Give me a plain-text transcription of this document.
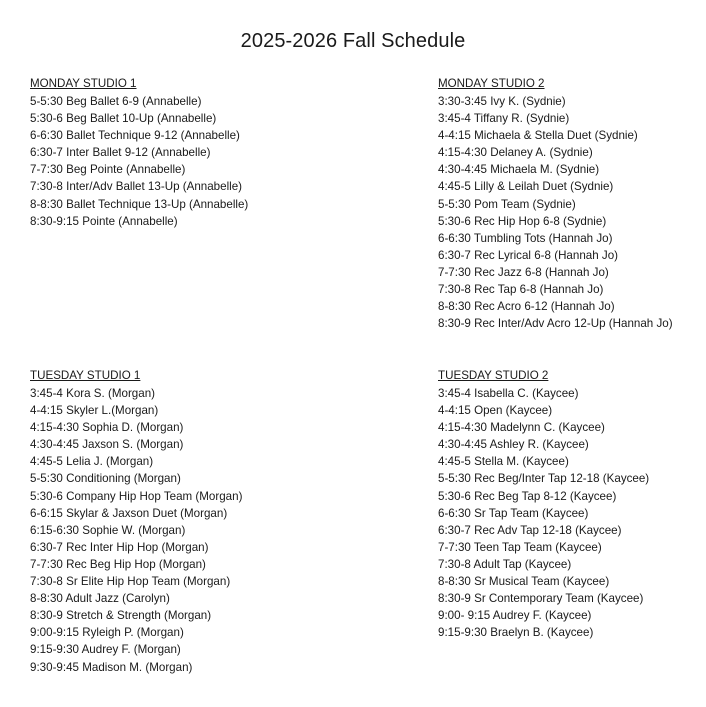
2025-2026 Fall Schedule
MONDAY STUDIO 1
5-5:30 Beg Ballet 6-9 (Annabelle)
5:30-6 Beg Ballet 10-Up (Annabelle)
6-6:30 Ballet Technique 9-12 (Annabelle)
6:30-7 Inter Ballet 9-12 (Annabelle)
7-7:30 Beg Pointe (Annabelle)
7:30-8 Inter/Adv Ballet 13-Up (Annabelle)
8-8:30 Ballet Technique 13-Up (Annabelle)
8:30-9:15 Pointe (Annabelle)
MONDAY STUDIO 2
3:30-3:45 Ivy K. (Sydnie)
3:45-4 Tiffany R. (Sydnie)
4-4:15 Michaela & Stella Duet (Sydnie)
4:15-4:30 Delaney A. (Sydnie)
4:30-4:45 Michaela M. (Sydnie)
4:45-5 Lilly & Leilah Duet (Sydnie)
5-5:30 Pom Team (Sydnie)
5:30-6 Rec Hip Hop 6-8 (Sydnie)
6-6:30 Tumbling Tots (Hannah Jo)
6:30-7 Rec Lyrical 6-8 (Hannah Jo)
7-7:30 Rec Jazz 6-8 (Hannah Jo)
7:30-8 Rec Tap 6-8 (Hannah Jo)
8-8:30 Rec Acro 6-12 (Hannah Jo)
8:30-9 Rec Inter/Adv Acro 12-Up (Hannah Jo)
TUESDAY STUDIO 1
3:45-4 Kora S. (Morgan)
4-4:15 Skyler L.(Morgan)
4:15-4:30 Sophia D. (Morgan)
4:30-4:45 Jaxson S. (Morgan)
4:45-5 Lelia J. (Morgan)
5-5:30 Conditioning (Morgan)
5:30-6 Company Hip Hop Team (Morgan)
6-6:15 Skylar & Jaxson Duet (Morgan)
6:15-6:30 Sophie W. (Morgan)
6:30-7 Rec Inter Hip Hop (Morgan)
7-7:30 Rec Beg Hip Hop (Morgan)
7:30-8 Sr Elite Hip Hop Team (Morgan)
8-8:30 Adult Jazz (Carolyn)
8:30-9 Stretch & Strength (Morgan)
9:00-9:15 Ryleigh P. (Morgan)
9:15-9:30 Audrey F. (Morgan)
9:30-9:45 Madison M. (Morgan)
TUESDAY STUDIO 2
3:45-4 Isabella C. (Kaycee)
4-4:15 Open (Kaycee)
4:15-4:30 Madelynn C. (Kaycee)
4:30-4:45 Ashley R. (Kaycee)
4:45-5 Stella M. (Kaycee)
5-5:30 Rec Beg/Inter Tap 12-18 (Kaycee)
5:30-6 Rec Beg Tap 8-12 (Kaycee)
6-6:30 Sr Tap Team (Kaycee)
6:30-7 Rec Adv Tap 12-18 (Kaycee)
7-7:30 Teen Tap Team (Kaycee)
7:30-8 Adult Tap (Kaycee)
8-8:30 Sr Musical Team (Kaycee)
8:30-9 Sr Contemporary Team (Kaycee)
9:00- 9:15 Audrey F. (Kaycee)
9:15-9:30 Braelyn B. (Kaycee)
